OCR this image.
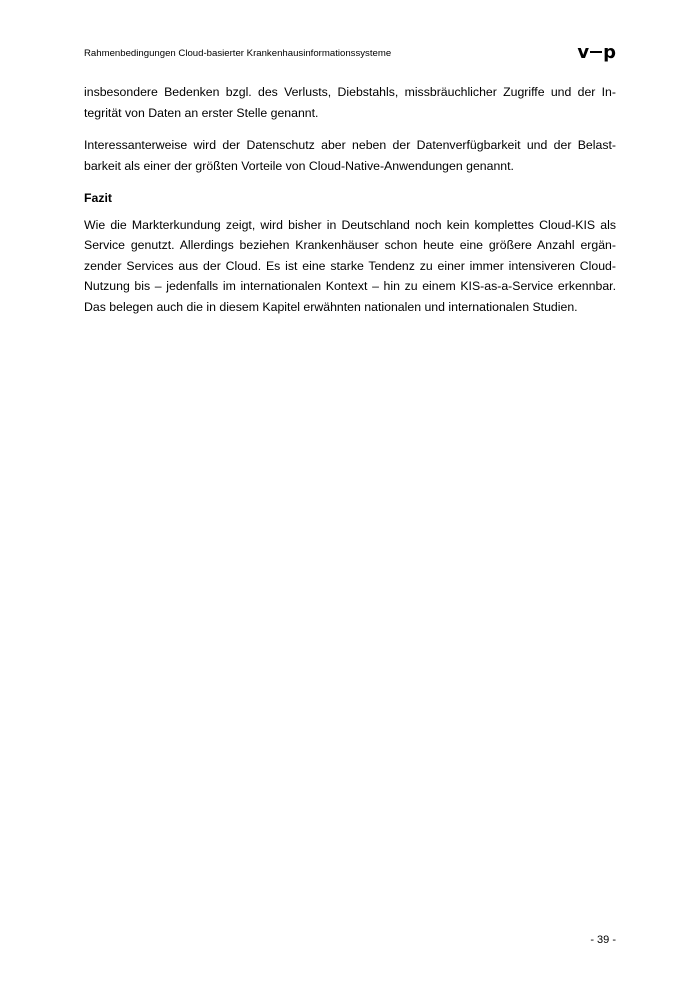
Rahmenbedingungen Cloud-basierter Krankenhausinformationssysteme	v p

insbesondere Bedenken bzgl. des Verlusts, Diebstahls, missbräuchlicher Zugriffe und der In-
tegrität von Daten an erster Stelle genannt.

Interessanterweise wird der Datenschutz aber neben der Datenverfügbarkeit und der Belast-
barkeit als einer der größten Vorteile von Cloud-Native-Anwendungen genannt.

Fazit

Wie die Markterkundung zeigt, wird bisher in Deutschland noch kein komplettes Cloud-KIS als
Service genutzt. Allerdings beziehen Krankenhäuser schon heute eine größere Anzahl ergän-
zender Services aus der Cloud. Es ist eine starke Tendenz zu einer immer intensiveren Cloud-
Nutzung bis – jedenfalls im internationalen Kontext – hin zu einem KIS-as-a-Service erkennbar.
Das belegen auch die in diesem Kapitel erwähnten nationalen und internationalen Studien.

- 39 -
